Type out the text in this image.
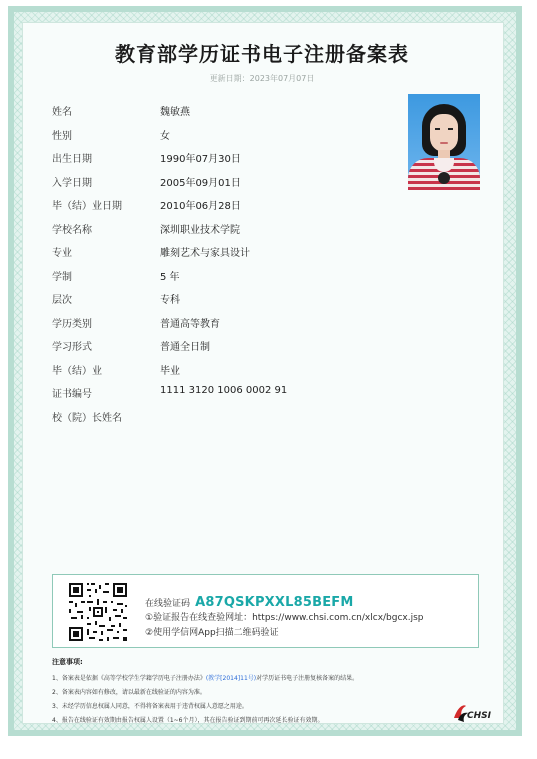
教育部学历证书电子注册备案表
更新日期：2023年07月07日
姓名	魏敏燕
性别	女
出生日期	1990年07月30日
入学日期	2005年09月01日
毕（结）业日期	2010年06月28日
学校名称	深圳职业技术学院
专业	雕刻艺术与家具设计
学制	5 年
层次	专科
学历类别	普通高等教育
学习形式	普通全日制
毕（结）业	毕业
证书编号	1111 3120 1006 0002 91
校（院）长姓名
在线验证码 A87QSKPXXL85BEFM
①验证报告在线查验网址：https://www.chsi.com.cn/xlcx/bgcx.jsp
②使用学信网App扫描二维码验证
注意事项:
1、备案表是依据《高等学校学生学籍学历电子注册办法》(教学[2014]11号)对学历证书电子注册复核备案的结果。
2、备案表内容如有修改，请以最新在线验证的内容为准。
3、未经学历信息权属人同意，不得将备案表用于违背权属人意愿之用途。
4、报告在线验证有效期由报告权属人设置（1~6个月），其在报告验证到期前可再次延长验证有效期。	CHSI
